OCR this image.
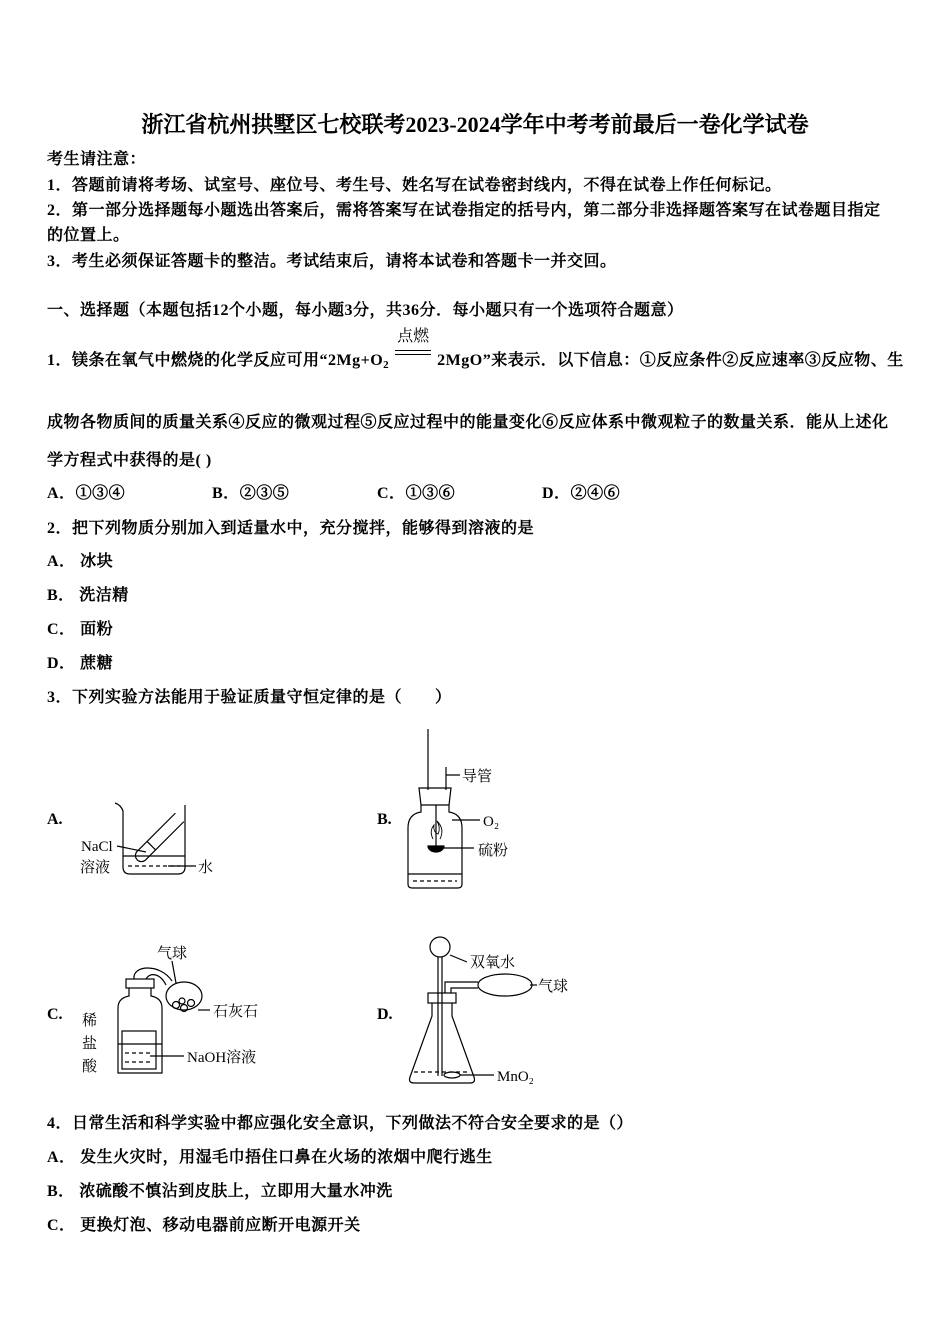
浙江省杭州拱墅区七校联考2023-2024学年中考考前最后一卷化学试卷
考生请注意：
1．答题前请将考场、试室号、座位号、考生号、姓名写在试卷密封线内，不得在试卷上作任何标记。
2．第一部分选择题每小题选出答案后，需将答案写在试卷指定的括号内，第二部分非选择题答案写在试卷题目指定
的位置上。
3．考生必须保证答题卡的整洁。考试结束后，请将本试卷和答题卡一并交回。
一、选择题（本题包括12个小题，每小题3分，共36分．每小题只有一个选项符合题意）
1．镁条在氧气中燃烧的化学反应可用“$2Mg+O_2$
点燃
2MgO”来表示．以下信息：①反应条件②反应速率③反应物、生
成物各物质间的质量关系④反应的微观过程⑤反应过程中的能量变化⑥反应体系中微观粒子的数量关系．能从上述化
学方程式中获得的是( )
A．①③④	B．②③⑤	C．①③⑥	D．②④⑥
2．把下列物质分别加入到适量水中，充分搅拌，能够得到溶液的是
A． 冰块
B． 洗洁精
C． 面粉
D． 蔗糖
3．下列实验方法能用于验证质量守恒定律的是（　　）
A.	B.
C.	D.
NaCl
溶液	水
导管
O₂
硫粉
气球
石灰石
稀
盐
酸
NaOH溶液
双氧水
气球
MnO₂
4．日常生活和科学实验中都应强化安全意识，下列做法不符合安全要求的是（）
A． 发生火灾时，用湿毛巾捂住口鼻在火场的浓烟中爬行逃生
B． 浓硫酸不慎沾到皮肤上，立即用大量水冲洗
C． 更换灯泡、移动电器前应断开电源开关
